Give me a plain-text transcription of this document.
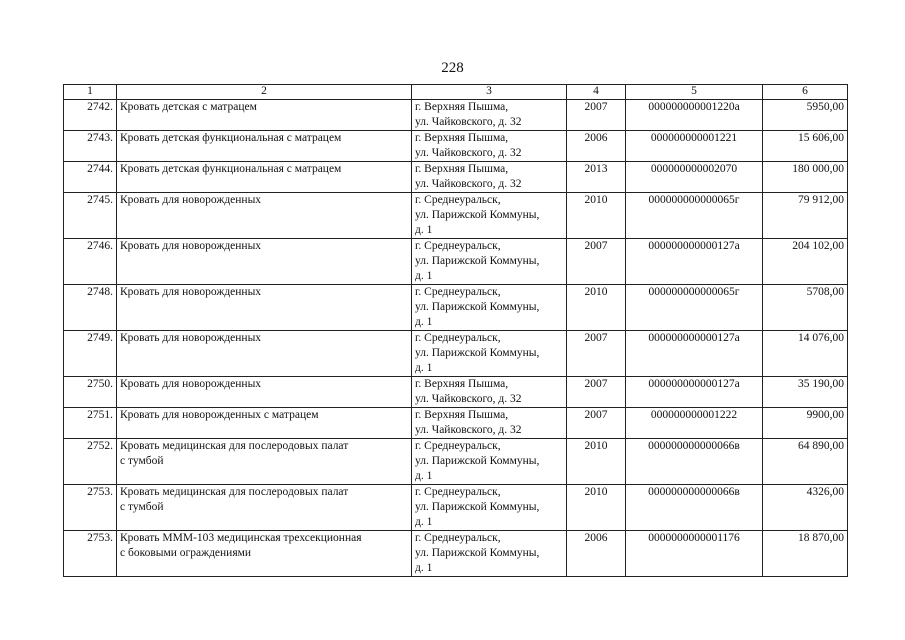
228
1	2	3	4	5	6
2742.	Кровать детская с матрацем	г. Верхняя Пышма,
ул. Чайковского, д. 32	2007	000000000001220а	5950,00
2743.	Кровать детская функциональная с матрацем	г. Верхняя Пышма,
ул. Чайковского, д. 32	2006	000000000001221	15 606,00
2744.	Кровать детская функциональная с матрацем	г. Верхняя Пышма,
ул. Чайковского, д. 32	2013	000000000002070	180 000,00
2745.	Кровать для новорожденных	г. Среднеуральск,
ул. Парижской Коммуны,
д. 1	2010	000000000000065г	79 912,00
2746.	Кровать для новорожденных	г. Среднеуральск,
ул. Парижской Коммуны,
д. 1	2007	000000000000127а	204 102,00
2748.	Кровать для новорожденных	г. Среднеуральск,
ул. Парижской Коммуны,
д. 1	2010	000000000000065г	5708,00
2749.	Кровать для новорожденных	г. Среднеуральск,
ул. Парижской Коммуны,
д. 1	2007	000000000000127а	14 076,00
2750.	Кровать для новорожденных	г. Верхняя Пышма,
ул. Чайковского, д. 32	2007	000000000000127а	35 190,00
2751.	Кровать для новорожденных с матрацем	г. Верхняя Пышма,
ул. Чайковского, д. 32	2007	000000000001222	9900,00
2752.	Кровать медицинская для послеродовых палат
с тумбой	г. Среднеуральск,
ул. Парижской Коммуны,
д. 1	2010	000000000000066в	64 890,00
2753.	Кровать медицинская для послеродовых палат
с тумбой	г. Среднеуральск,
ул. Парижской Коммуны,
д. 1	2010	000000000000066в	4326,00
2753.	Кровать МММ-103 медицинская трехсекционная
с боковыми ограждениями	г. Среднеуральск,
ул. Парижской Коммуны,
д. 1	2006	0000000000001176	18 870,00
